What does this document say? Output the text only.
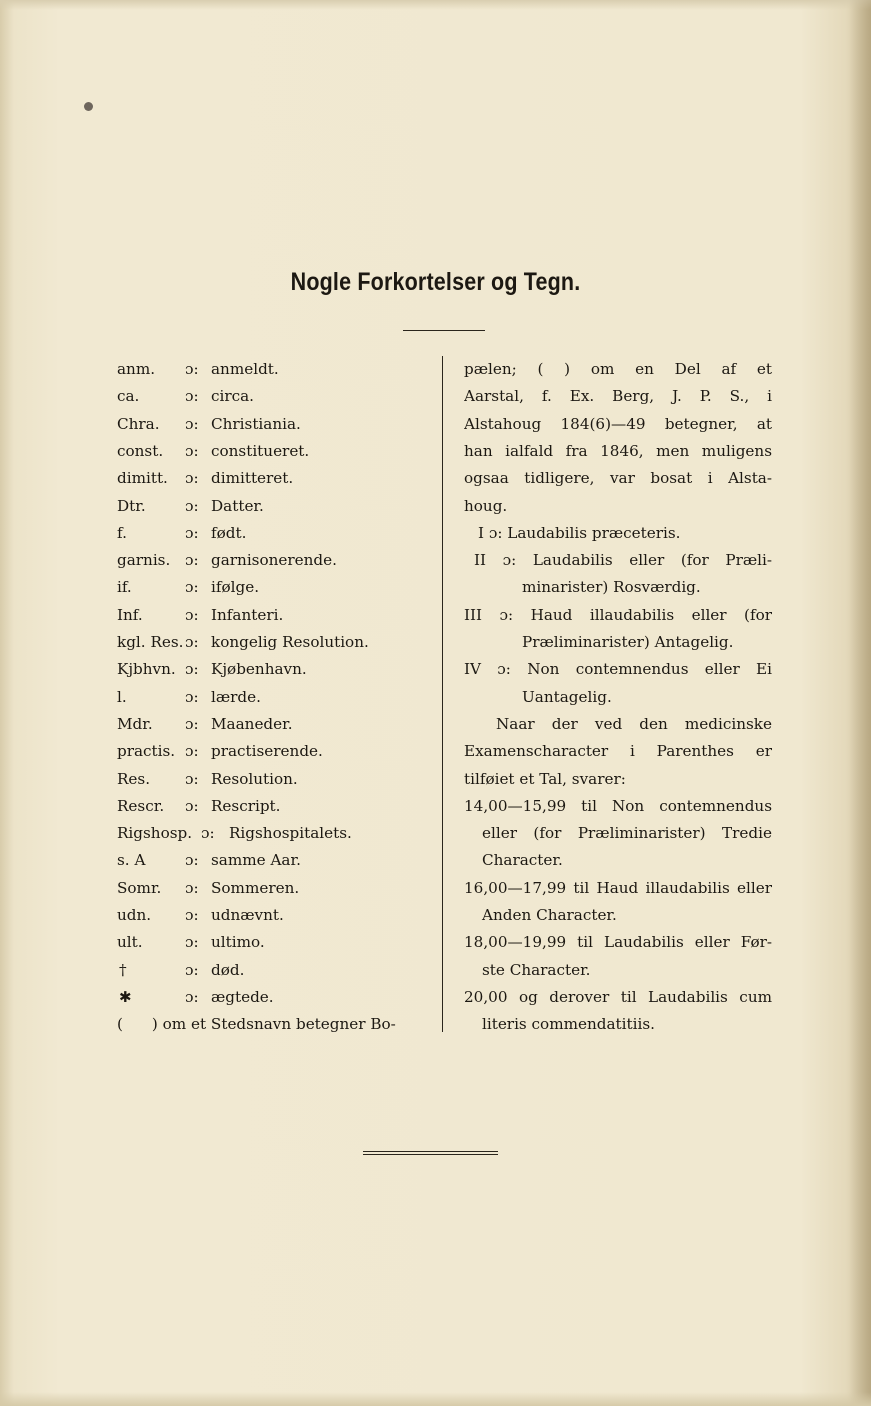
Nogle Forkortelser og Tegn.
anm. ɔ: anmeldt.
ca.	ɔ: circa.
Chra. ɔ: Christiania.
const. ɔ: constitueret.
dimitt. ɔ: dimitteret.
Dtr.	ɔ: Datter.
f.	ɔ: født.
garnis. ɔ: garnisonerende.
if.	ɔ: ifølge.
Inf.	ɔ: Infanteri.
kgl. Res. ɔ: kongelig Resolution.
Kjbhvn. ɔ: Kjøbenhavn.
l.	ɔ: lærde.
Mdr. ɔ: Maaneder.
practis. ɔ: practiserende.
Res. ɔ: Resolution.
Rescr. ɔ: Rescript.
Rigshosp. ɔ: Rigshospitalets.
s. A	ɔ: samme Aar.
Somr. ɔ: Sommeren.
udn. ɔ: udnævnt.
ult.	ɔ: ultimo.
†	ɔ: død.
✱	ɔ: ægtede.
(      ) om et Stedsnavn betegner Bo-
pælen; ( ) om en Del af et
Aarstal, f. Ex. Berg, J. P. S., i
Alstahoug 184(6)—49 betegner, at
han ialfald fra 1846, men muligens
ogsaa tidligere, var bosat i Alsta-
houg.
I ɔ: Laudabilis præceteris.
II ɔ: Laudabilis eller (for Præli-
minarister) Rosværdig.
III ɔ: Haud illaudabilis eller (for
Præliminarister) Antagelig.
IV ɔ: Non contemnendus eller Ei
Uantagelig.
Naar der ved den medicinske
Examenscharacter i Parenthes er
tilføiet et Tal, svarer:
14,00—15,99 til Non contemnendus
eller (for Præliminarister) Tredie
Character.
16,00—17,99 til Haud illaudabilis eller
Anden Character.
18,00—19,99 til Laudabilis eller Før-
ste Character.
20,00 og derover til Laudabilis cum
literis commendatitiis.
